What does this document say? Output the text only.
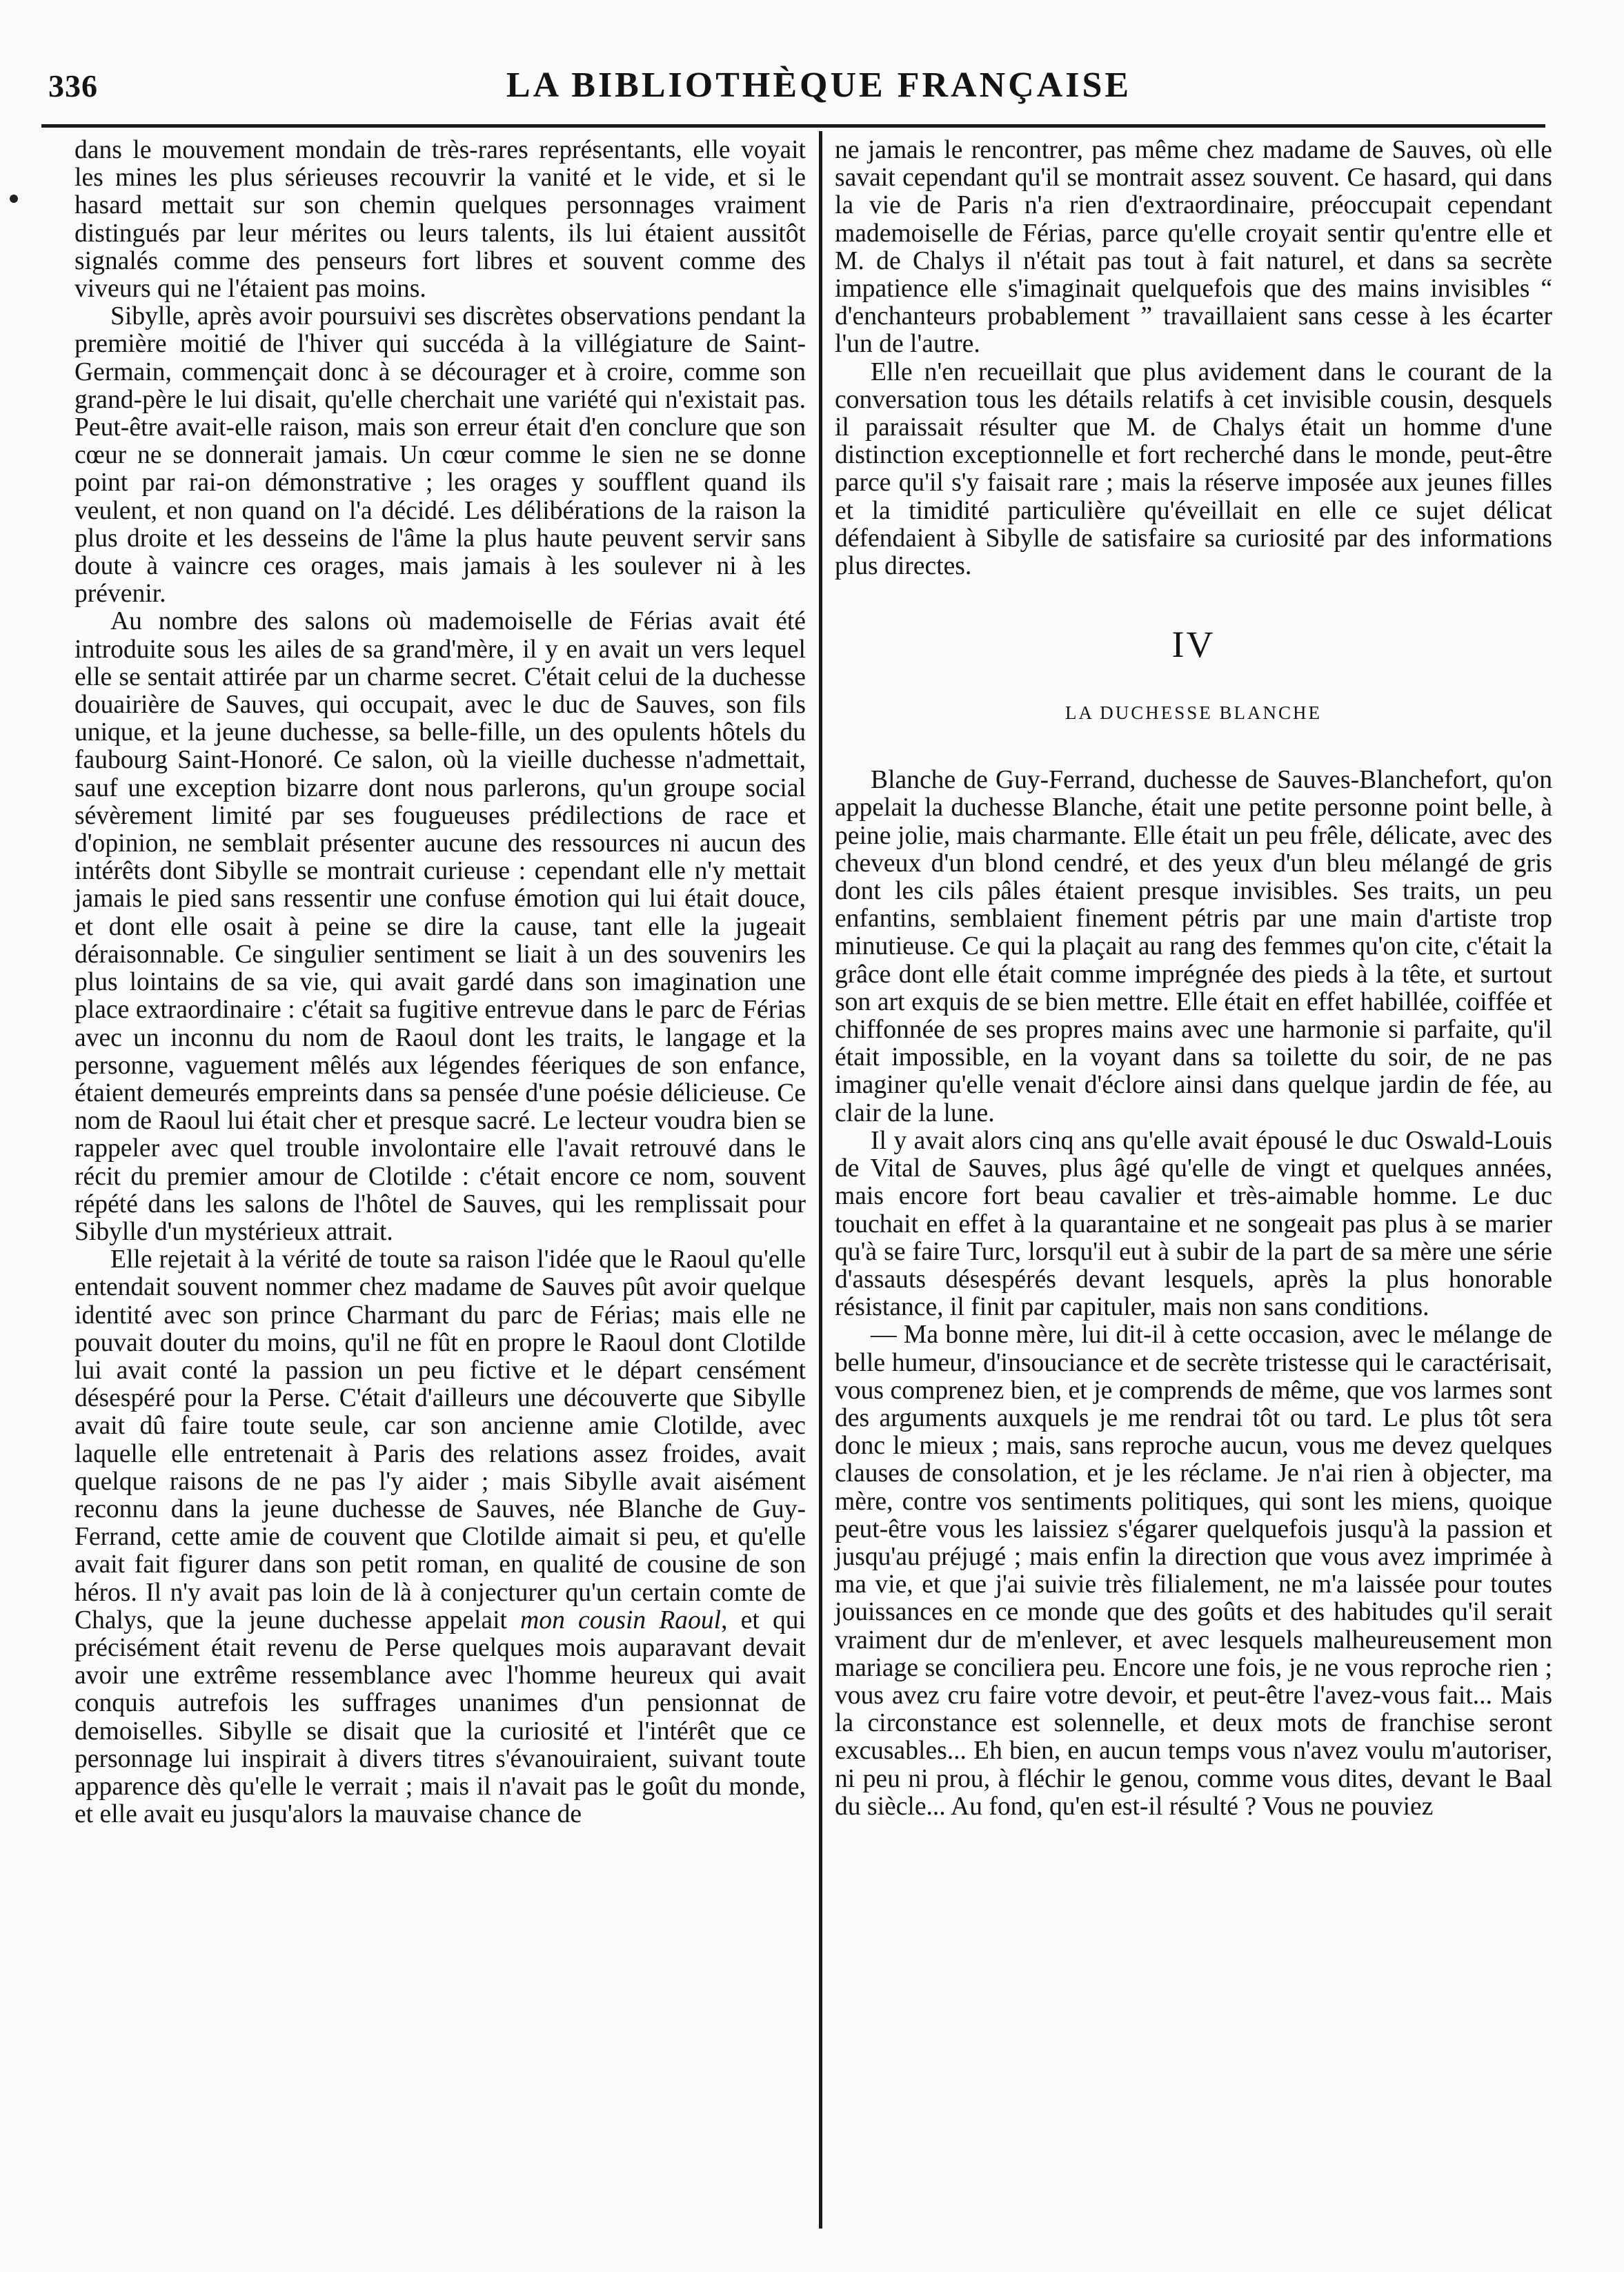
336	LA BIBLIOTHÈQUE FRANÇAISE

dans le mouvement mondain de très-rares représentants, elle voyait les mines les plus sérieuses recouvrir la vanité et le vide, et si le hasard mettait sur son chemin quelques personnages vraiment distingués par leur mérites ou leurs talents, ils lui étaient aussitôt signalés comme des penseurs fort libres et souvent comme des viveurs qui ne l'étaient pas moins.

Sibylle, après avoir poursuivi ses discrètes observations pendant la première moitié de l'hiver qui succéda à la villégiature de Saint-Germain, commençait donc à se décourager et à croire, comme son grand-père le lui disait, qu'elle cherchait une variété qui n'existait pas. Peut-être avait-elle raison, mais son erreur était d'en conclure que son cœur ne se donnerait jamais. Un cœur comme le sien ne se donne point par rai-on démonstrative ; les orages y soufflent quand ils veulent, et non quand on l'a décidé. Les délibérations de la raison la plus droite et les desseins de l'âme la plus haute peuvent servir sans doute à vaincre ces orages, mais jamais à les soulever ni à les prévenir.

Au nombre des salons où mademoiselle de Férias avait été introduite sous les ailes de sa grand'mère, il y en avait un vers lequel elle se sentait attirée par un charme secret. C'était celui de la duchesse douairière de Sauves, qui occupait, avec le duc de Sauves, son fils unique, et la jeune duchesse, sa belle-fille, un des opulents hôtels du faubourg Saint-Honoré. Ce salon, où la vieille duchesse n'admettait, sauf une exception bizarre dont nous parlerons, qu'un groupe social sévèrement limité par ses fougueuses prédilections de race et d'opinion, ne semblait présenter aucune des ressources ni aucun des intérêts dont Sibylle se montrait curieuse : cependant elle n'y mettait jamais le pied sans ressentir une confuse émotion qui lui était douce, et dont elle osait à peine se dire la cause, tant elle la jugeait déraisonnable. Ce singulier sentiment se liait à un des souvenirs les plus lointains de sa vie, qui avait gardé dans son imagination une place extraordinaire : c'était sa fugitive entrevue dans le parc de Férias avec un inconnu du nom de Raoul dont les traits, le langage et la personne, vaguement mêlés aux légendes féeriques de son enfance, étaient demeurés empreints dans sa pensée d'une poésie délicieuse. Ce nom de Raoul lui était cher et presque sacré. Le lecteur voudra bien se rappeler avec quel trouble involontaire elle l'avait retrouvé dans le récit du premier amour de Clotilde : c'était encore ce nom, souvent répété dans les salons de l'hôtel de Sauves, qui les remplissait pour Sibylle d'un mystérieux attrait.

Elle rejetait à la vérité de toute sa raison l'idée que le Raoul qu'elle entendait souvent nommer chez madame de Sauves pût avoir quelque identité avec son prince Charmant du parc de Férias; mais elle ne pouvait douter du moins, qu'il ne fût en propre le Raoul dont Clotilde lui avait conté la passion un peu fictive et le départ censément désespéré pour la Perse. C'était d'ailleurs une découverte que Sibylle avait dû faire toute seule, car son ancienne amie Clotilde, avec laquelle elle entretenait à Paris des relations assez froides, avait quelque raisons de ne pas l'y aider ; mais Sibylle avait aisément reconnu dans la jeune duchesse de Sauves, née Blanche de Guy-Ferrand, cette amie de couvent que Clotilde aimait si peu, et qu'elle avait fait figurer dans son petit roman, en qualité de cousine de son héros. Il n'y avait pas loin de là à conjecturer qu'un certain comte de Chalys, que la jeune duchesse appelait mon cousin Raoul, et qui précisément était revenu de Perse quelques mois auparavant devait avoir une extrême ressemblance avec l'homme heureux qui avait conquis autrefois les suffrages unanimes d'un pensionnat de demoiselles. Sibylle se disait que la curiosité et l'intérêt que ce personnage lui inspirait à divers titres s'évanouiraient, suivant toute apparence dès qu'elle le verrait ; mais il n'avait pas le goût du monde, et elle avait eu jusqu'alors la mauvaise chance de

ne jamais le rencontrer, pas même chez madame de Sauves, où elle savait cependant qu'il se montrait assez souvent. Ce hasard, qui dans la vie de Paris n'a rien d'extraordinaire, préoccupait cependant mademoiselle de Férias, parce qu'elle croyait sentir qu'entre elle et M. de Chalys il n'était pas tout à fait naturel, et dans sa secrète impatience elle s'imaginait quelquefois que des mains invisibles “ d'enchanteurs probablement ” travaillaient sans cesse à les écarter l'un de l'autre.

Elle n'en recueillait que plus avidement dans le courant de la conversation tous les détails relatifs à cet invisible cousin, desquels il paraissait résulter que M. de Chalys était un homme d'une distinction exceptionnelle et fort recherché dans le monde, peut-être parce qu'il s'y faisait rare ; mais la réserve imposée aux jeunes filles et la timidité particulière qu'éveillait en elle ce sujet délicat défendaient à Sibylle de satisfaire sa curiosité par des informations plus directes.

IV
LA DUCHESSE BLANCHE

Blanche de Guy-Ferrand, duchesse de Sauves-Blanchefort, qu'on appelait la duchesse Blanche, était une petite personne point belle, à peine jolie, mais charmante. Elle était un peu frêle, délicate, avec des cheveux d'un blond cendré, et des yeux d'un bleu mélangé de gris dont les cils pâles étaient presque invisibles. Ses traits, un peu enfantins, semblaient finement pétris par une main d'artiste trop minutieuse. Ce qui la plaçait au rang des femmes qu'on cite, c'était la grâce dont elle était comme imprégnée des pieds à la tête, et surtout son art exquis de se bien mettre. Elle était en effet habillée, coiffée et chiffonnée de ses propres mains avec une harmonie si parfaite, qu'il était impossible, en la voyant dans sa toilette du soir, de ne pas imaginer qu'elle venait d'éclore ainsi dans quelque jardin de fée, au clair de la lune.

Il y avait alors cinq ans qu'elle avait épousé le duc Oswald-Louis de Vital de Sauves, plus âgé qu'elle de vingt et quelques années, mais encore fort beau cavalier et très-aimable homme. Le duc touchait en effet à la quarantaine et ne songeait pas plus à se marier qu'à se faire Turc, lorsqu'il eut à subir de la part de sa mère une série d'assauts désespérés devant lesquels, après la plus honorable résistance, il finit par capituler, mais non sans conditions.

— Ma bonne mère, lui dit-il à cette occasion, avec le mélange de belle humeur, d'insouciance et de secrète tristesse qui le caractérisait, vous comprenez bien, et je comprends de même, que vos larmes sont des arguments auxquels je me rendrai tôt ou tard. Le plus tôt sera donc le mieux ; mais, sans reproche aucun, vous me devez quelques clauses de consolation, et je les réclame. Je n'ai rien à objecter, ma mère, contre vos sentiments politiques, qui sont les miens, quoique peut-être vous les laissiez s'égarer quelquefois jusqu'à la passion et jusqu'au préjugé ; mais enfin la direction que vous avez imprimée à ma vie, et que j'ai suivie très filialement, ne m'a laissée pour toutes jouissances en ce monde que des goûts et des habitudes qu'il serait vraiment dur de m'enlever, et avec lesquels malheureusement mon mariage se conciliera peu. Encore une fois, je ne vous reproche rien ; vous avez cru faire votre devoir, et peut-être l'avez-vous fait... Mais la circonstance est solennelle, et deux mots de franchise seront excusables... Eh bien, en aucun temps vous n'avez voulu m'autoriser, ni peu ni prou, à fléchir le genou, comme vous dites, devant le Baal du siècle... Au fond, qu'en est-il résulté ? Vous ne pouviez
